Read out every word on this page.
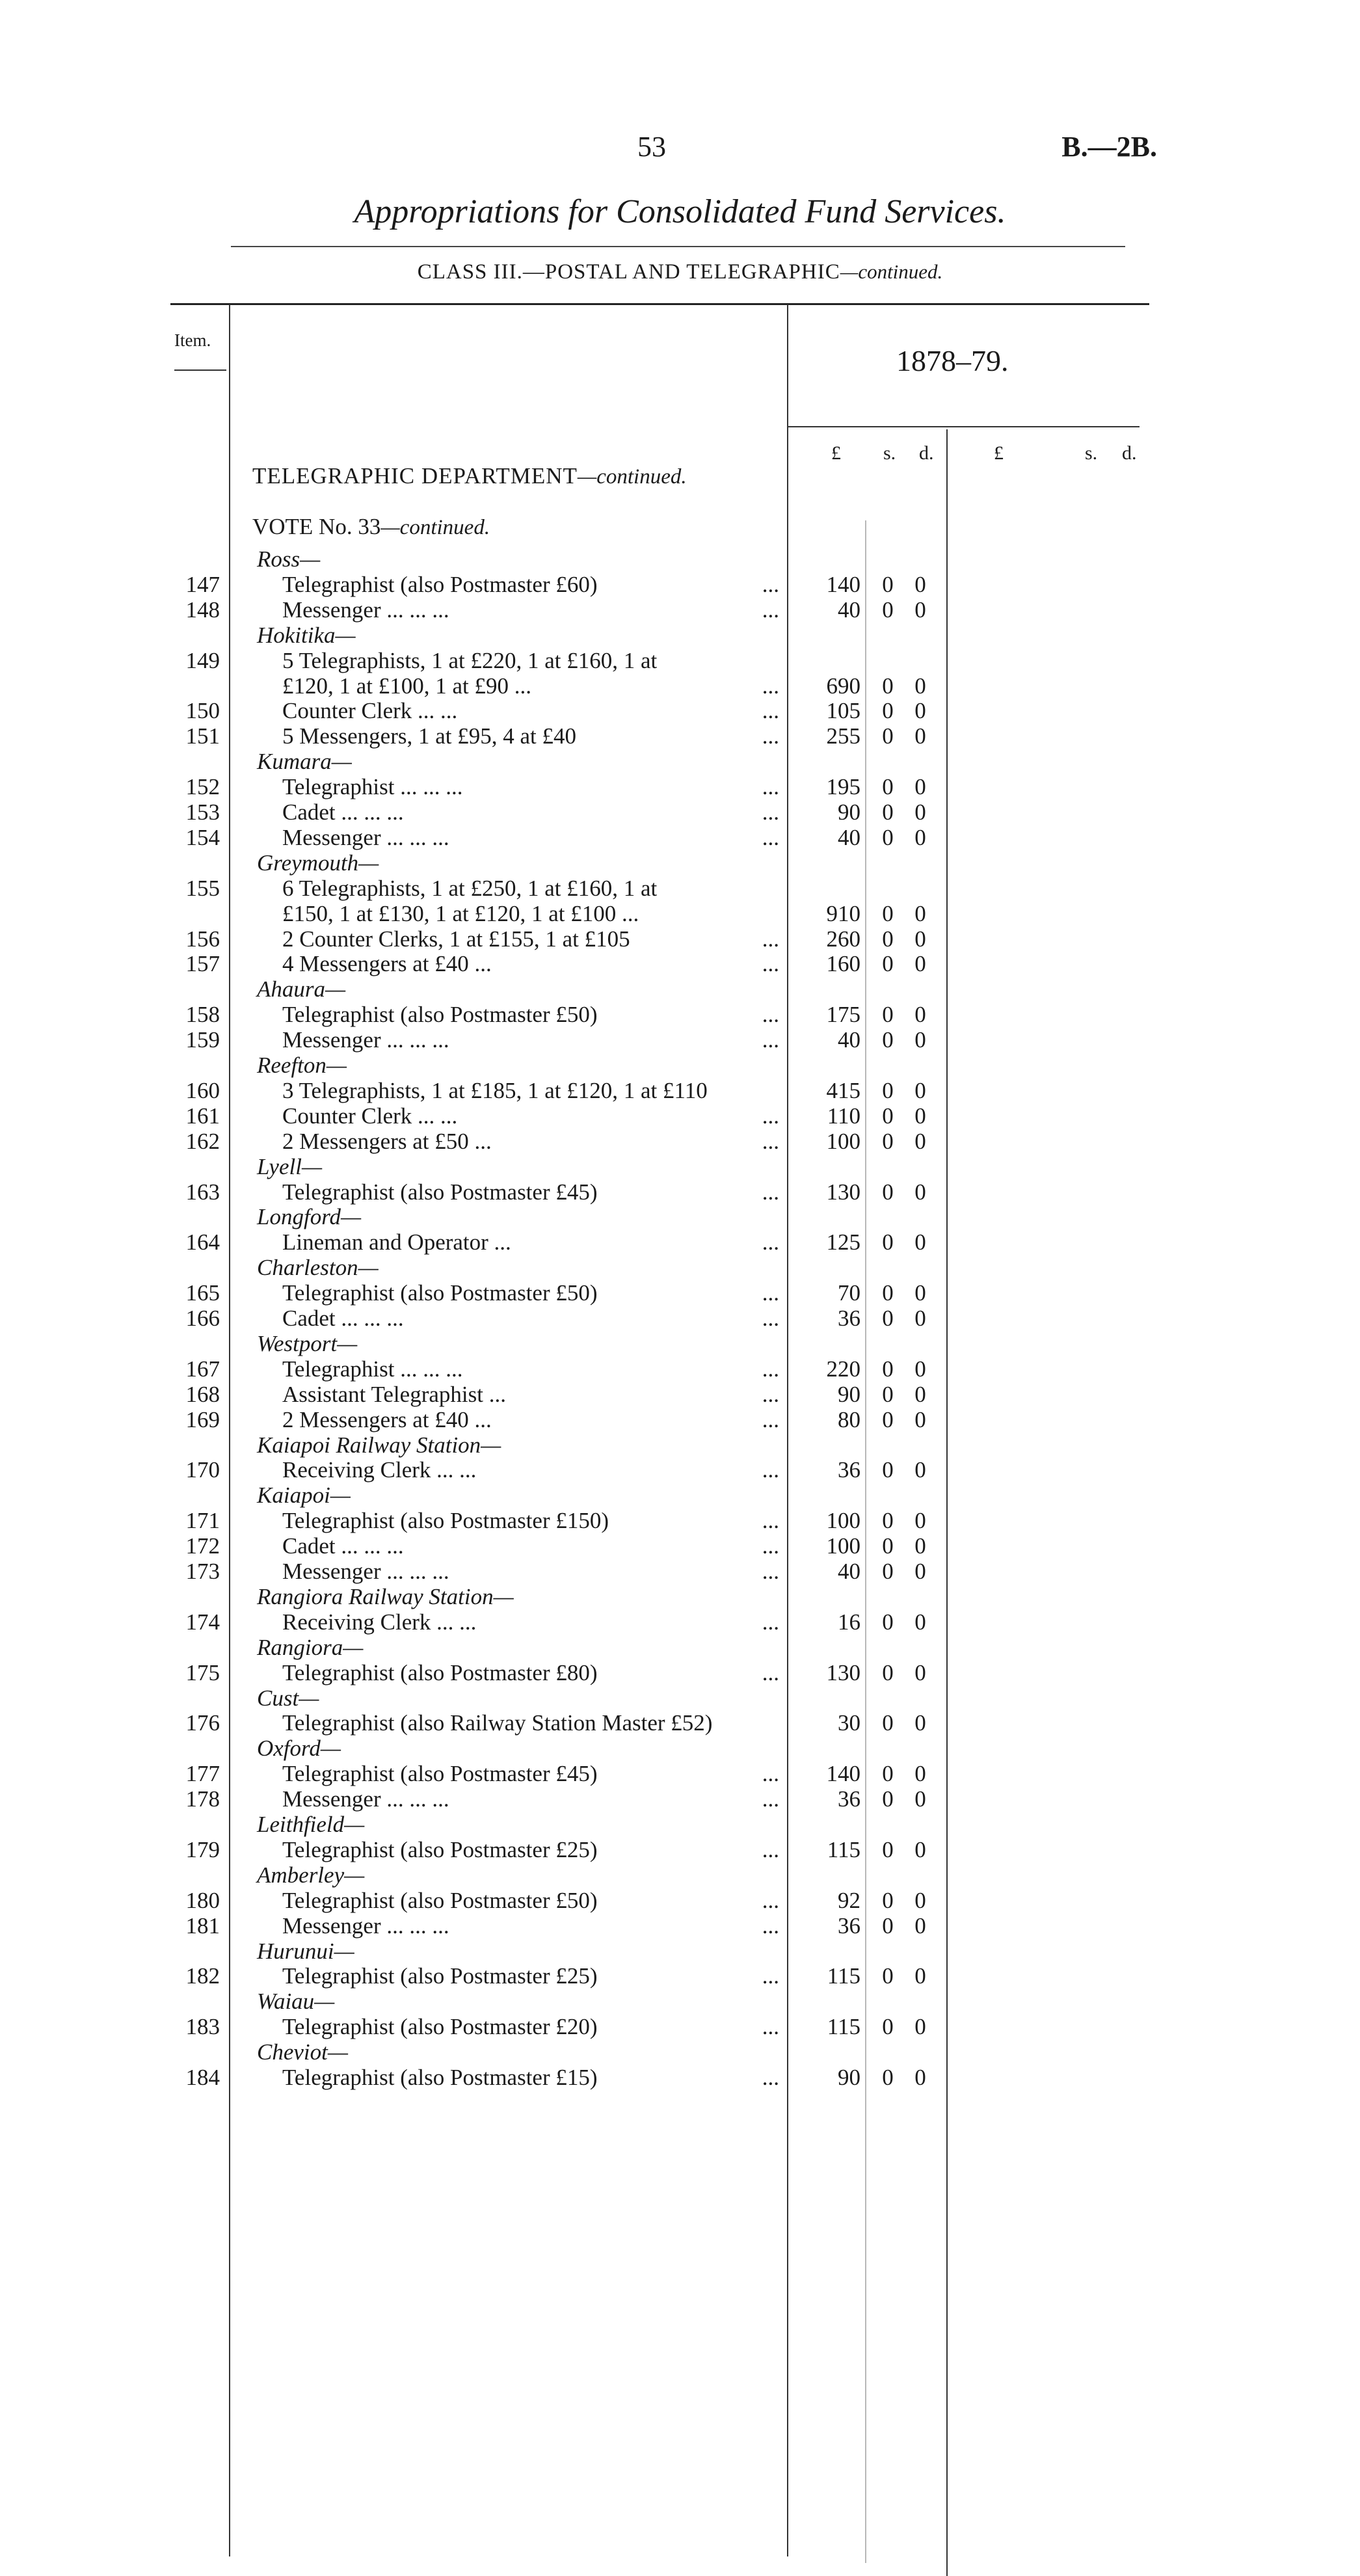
53	B.—2B.
Appropriations for Consolidated Fund Services.
CLASS III.—POSTAL AND TELEGRAPHIC—continued.
Item.
1878–79.
£ s. d.	£	s. d.
TELEGRAPHIC DEPARTMENT—continued.
VOTE No. 33—continued.
Ross—
147	Telegraphist (also Postmaster £60)	...	140 0 0
148	Messenger ... ... ...	...	40 0 0
Hokitika—
149	5 Telegraphists, 1 at £220, 1 at £160, 1 at
£120, 1 at £100, 1 at £90 ...	...	690 0 0
150	Counter Clerk ... ...	...	105 0 0
151	5 Messengers, 1 at £95, 4 at £40	...	255 0 0
Kumara—
152	Telegraphist ... ... ...	...	195 0 0
153	Cadet ... ... ...	...	90 0 0
154	Messenger ... ... ...	...	40 0 0
Greymouth—
155	6 Telegraphists, 1 at £250, 1 at £160, 1 at
£150, 1 at £130, 1 at £120, 1 at £100 ...	910 0 0
156	2 Counter Clerks, 1 at £155, 1 at £105	...	260 0 0
157	4 Messengers at £40 ...	...	160 0 0
Ahaura—
158	Telegraphist (also Postmaster £50)	...	175 0 0
159	Messenger ... ... ...	...	40 0 0
Reefton—
160	3 Telegraphists, 1 at £185, 1 at £120, 1 at £110	415 0 0
161	Counter Clerk ... ...	...	110 0 0
162	2 Messengers at £50 ...	...	100 0 0
Lyell—
163	Telegraphist (also Postmaster £45)	...	130 0 0
Longford—
164	Lineman and Operator ...	...	125 0 0
Charleston—
165	Telegraphist (also Postmaster £50)	...	70 0 0
166	Cadet ... ... ...	...	36 0 0
Westport—
167	Telegraphist ... ... ...	...	220 0 0
168	Assistant Telegraphist ...	...	90 0 0
169	2 Messengers at £40 ...	...	80 0 0
Kaiapoi Railway Station—
170	Receiving Clerk ... ...	...	36 0 0
Kaiapoi—
171	Telegraphist (also Postmaster £150)	...	100 0 0
172	Cadet ... ... ...	...	100 0 0
173	Messenger ... ... ...	...	40 0 0
Rangiora Railway Station—
174	Receiving Clerk ... ...	...	16 0 0
Rangiora—
175	Telegraphist (also Postmaster £80)	...	130 0 0
Cust—
176	Telegraphist (also Railway Station Master £52)	30 0 0
Oxford—
177	Telegraphist (also Postmaster £45)	...	140 0 0
178	Messenger ... ... ...	...	36 0 0
Leithfield—
179	Telegraphist (also Postmaster £25)	...	115 0 0
Amberley—
180	Telegraphist (also Postmaster £50)	...	92 0 0
181	Messenger ... ... ...	...	36 0 0
Hurunui—
182	Telegraphist (also Postmaster £25)	...	115 0 0
Waiau—
183	Telegraphist (also Postmaster £20)	...	115 0 0
Cheviot—
184	Telegraphist (also Postmaster £15)	...	90 0 0
